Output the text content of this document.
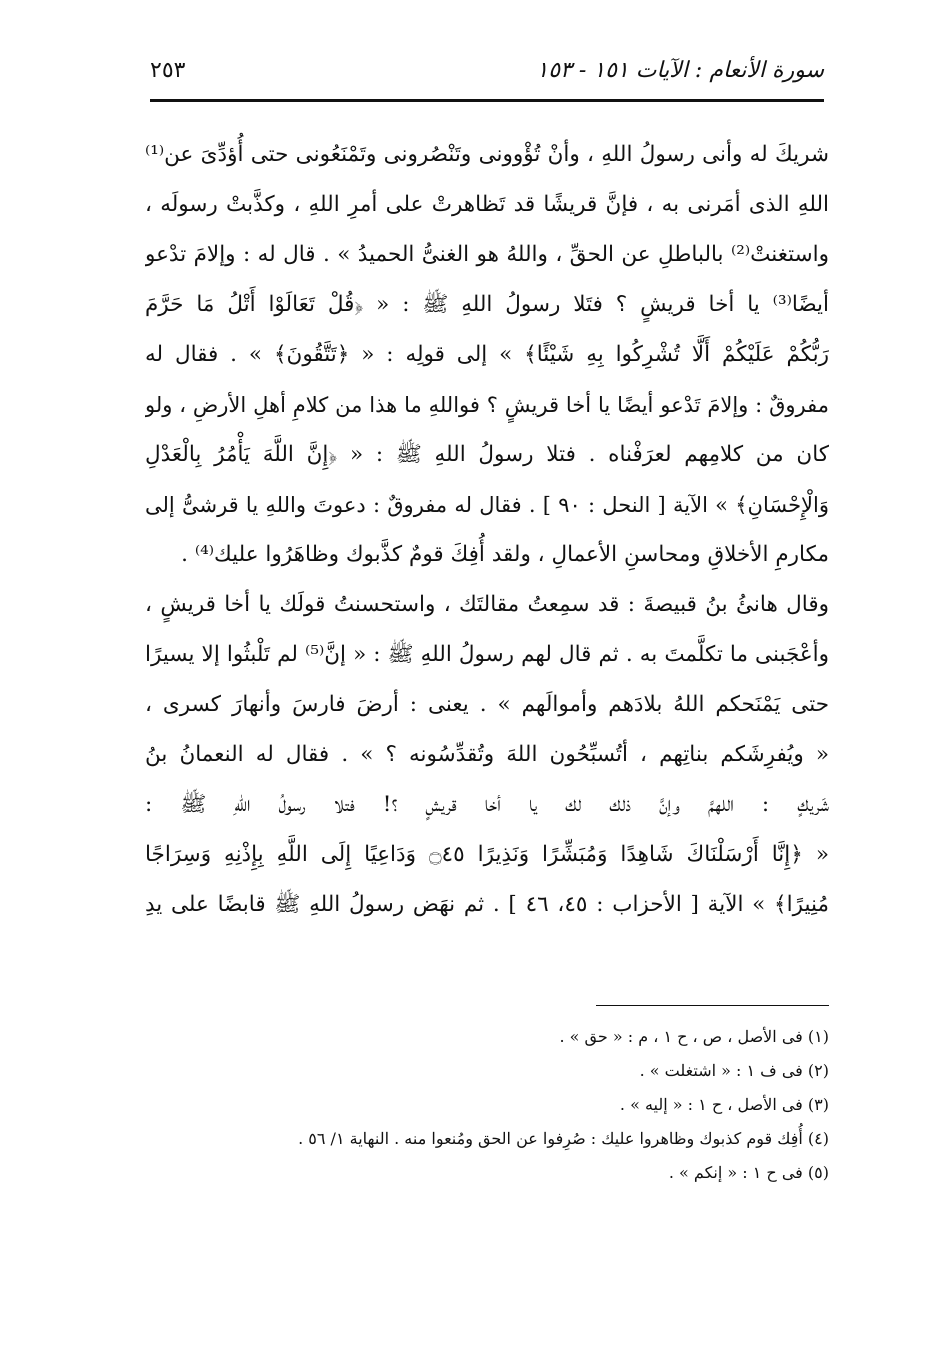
سورة الأنعام : الآيات ١٥١ - ١٥٣
٢٥٣
شريكَ له وأنى رسولُ اللهِ ، وأنْ تُؤْوونى وتَنْصُرونى وتَمْنَعُونى حتى أُؤدِّىَ عن⁽¹⁾
اللهِ الذى أمَرنى به ، فإنَّ قريشًا قد تَظاهرتْ على أمرِ اللهِ ، وكذَّبتْ رسولَه ،
واستغنتْ⁽²⁾ بالباطلِ عن الحقِّ ، واللهُ هو الغنىُّ الحميدُ » . قال له : وإلامَ تدْعو
أيضًا⁽³⁾ يا أخا قريشٍ ؟ فتَلا رسولُ اللهِ ﷺ : « ﴿قُلْ تَعَالَوْا أَتْلُ مَا حَرَّمَ
رَبُّكُمْ عَلَيْكُمْ أَلَّا تُشْرِكُوا بِهِ شَيْئًا﴾ » إلى قولِه : « ﴿تَتَّقُونَ﴾ » . فقال له
مفروقٌ : وإلامَ تَدْعو أيضًا يا أخا قريشٍ ؟ فواللهِ ما هذا من كلامِ أهلِ الأرضِ ، ولو
كان من كلامِهم لعرَفْناه . فتلا رسولُ اللهِ ﷺ : « ﴿إِنَّ اللَّهَ يَأْمُرُ بِالْعَدْلِ
وَالْإِحْسَانِ﴾ » الآية [ النحل : ٩٠ ] . فقال له مفروقٌ : دعوتَ واللهِ يا قرشىُّ إلى
مكارمِ الأخلاقِ ومحاسنِ الأعمالِ ، ولقد أُفِكَ قومٌ كذَّبوك وظاهَرُوا عليك⁽⁴⁾ .
وقال هانئُ بنُ قبيصةَ : قد سمِعتُ مقالتَك ، واستحسنتُ قولَك يا أخا قريشٍ ،
وأعْجَبنى ما تكلَّمتَ به . ثم قال لهم رسولُ اللهِ ﷺ : « إنَّ⁽⁵⁾ لم تَلْبثُوا إلا يسيرًا
حتى يَمْنَحكم اللهُ بلادَهم وأموالَهم » . يعنى : أرضَ فارسَ وأنهارَ كسرى ،
« ويُفرِشَكم بناتِهم ، أتُسبِّحُون اللهَ وتُقدِّسُونه ؟ » . فقال له النعمانُ بنُ
شَريكٍ : اللهمَّ وإنَّ ذلك لك يا أخا قريشٍ ؟! فتلا رسولُ اللهِ ﷺ :
« ﴿إِنَّا أَرْسَلْنَاكَ شَاهِدًا وَمُبَشِّرًا وَنَذِيرًا ۝٤٥ وَدَاعِيًا إِلَى اللَّهِ بِإِذْنِهِ وَسِرَاجًا
مُنِيرًا﴾ » الآية [ الأحزاب : ٤٥، ٤٦ ] . ثم نهَض رسولُ اللهِ ﷺ قابضًا على يدِ
(١) فى الأصل ، ص ، ح ١ ، م : « حق » .
(٢) فى ف ١ : « اشتغلت » .
(٣) فى الأصل ، ح ١ : « إليه » .
(٤) أُفِك قوم كذبوك وظاهروا عليك : صُرِفوا عن الحق ومُنعوا منه . النهاية ١/ ٥٦ .
(٥) فى ح ١ : « إنكم » .
